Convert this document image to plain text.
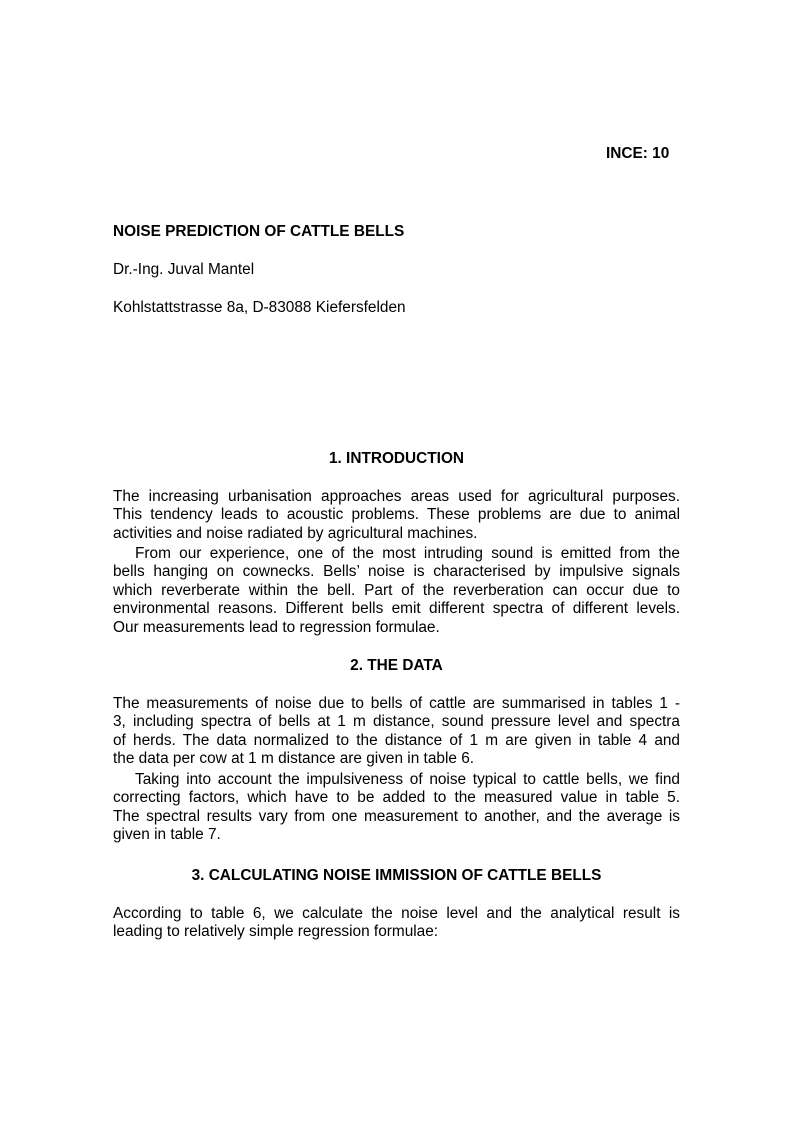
INCE: 10

NOISE PREDICTION OF CATTLE BELLS

Dr.-Ing. Juval Mantel

Kohlstattstrasse 8a, D-83088 Kiefersfelden

1. INTRODUCTION

The increasing urbanisation approaches areas used for agricultural purposes.
This tendency leads to acoustic problems. These problems are due to animal
activities and noise radiated by agricultural machines.
From our experience, one of the most intruding sound is emitted from the
bells hanging on cownecks. Bells’ noise is characterised by impulsive signals
which reverberate within the bell. Part of the reverberation can occur due to
environmental reasons. Different bells emit different spectra of different levels.
Our measurements lead to regression formulae.

2. THE DATA

The measurements of noise due to bells of cattle are summarised in tables 1 -
3, including spectra of bells at 1 m distance, sound pressure level and spectra
of herds. The data normalized to the distance of 1 m are given in table 4 and
the data per cow at 1 m distance are given in table 6.
Taking into account the impulsiveness of noise typical to cattle bells, we find
correcting factors, which have to be added to the measured value in table 5.
The spectral results vary from one measurement to another, and the average is
given in table 7.

3. CALCULATING NOISE IMMISSION OF CATTLE BELLS

According to table 6, we calculate the noise level and the analytical result is
leading to relatively simple regression formulae:
